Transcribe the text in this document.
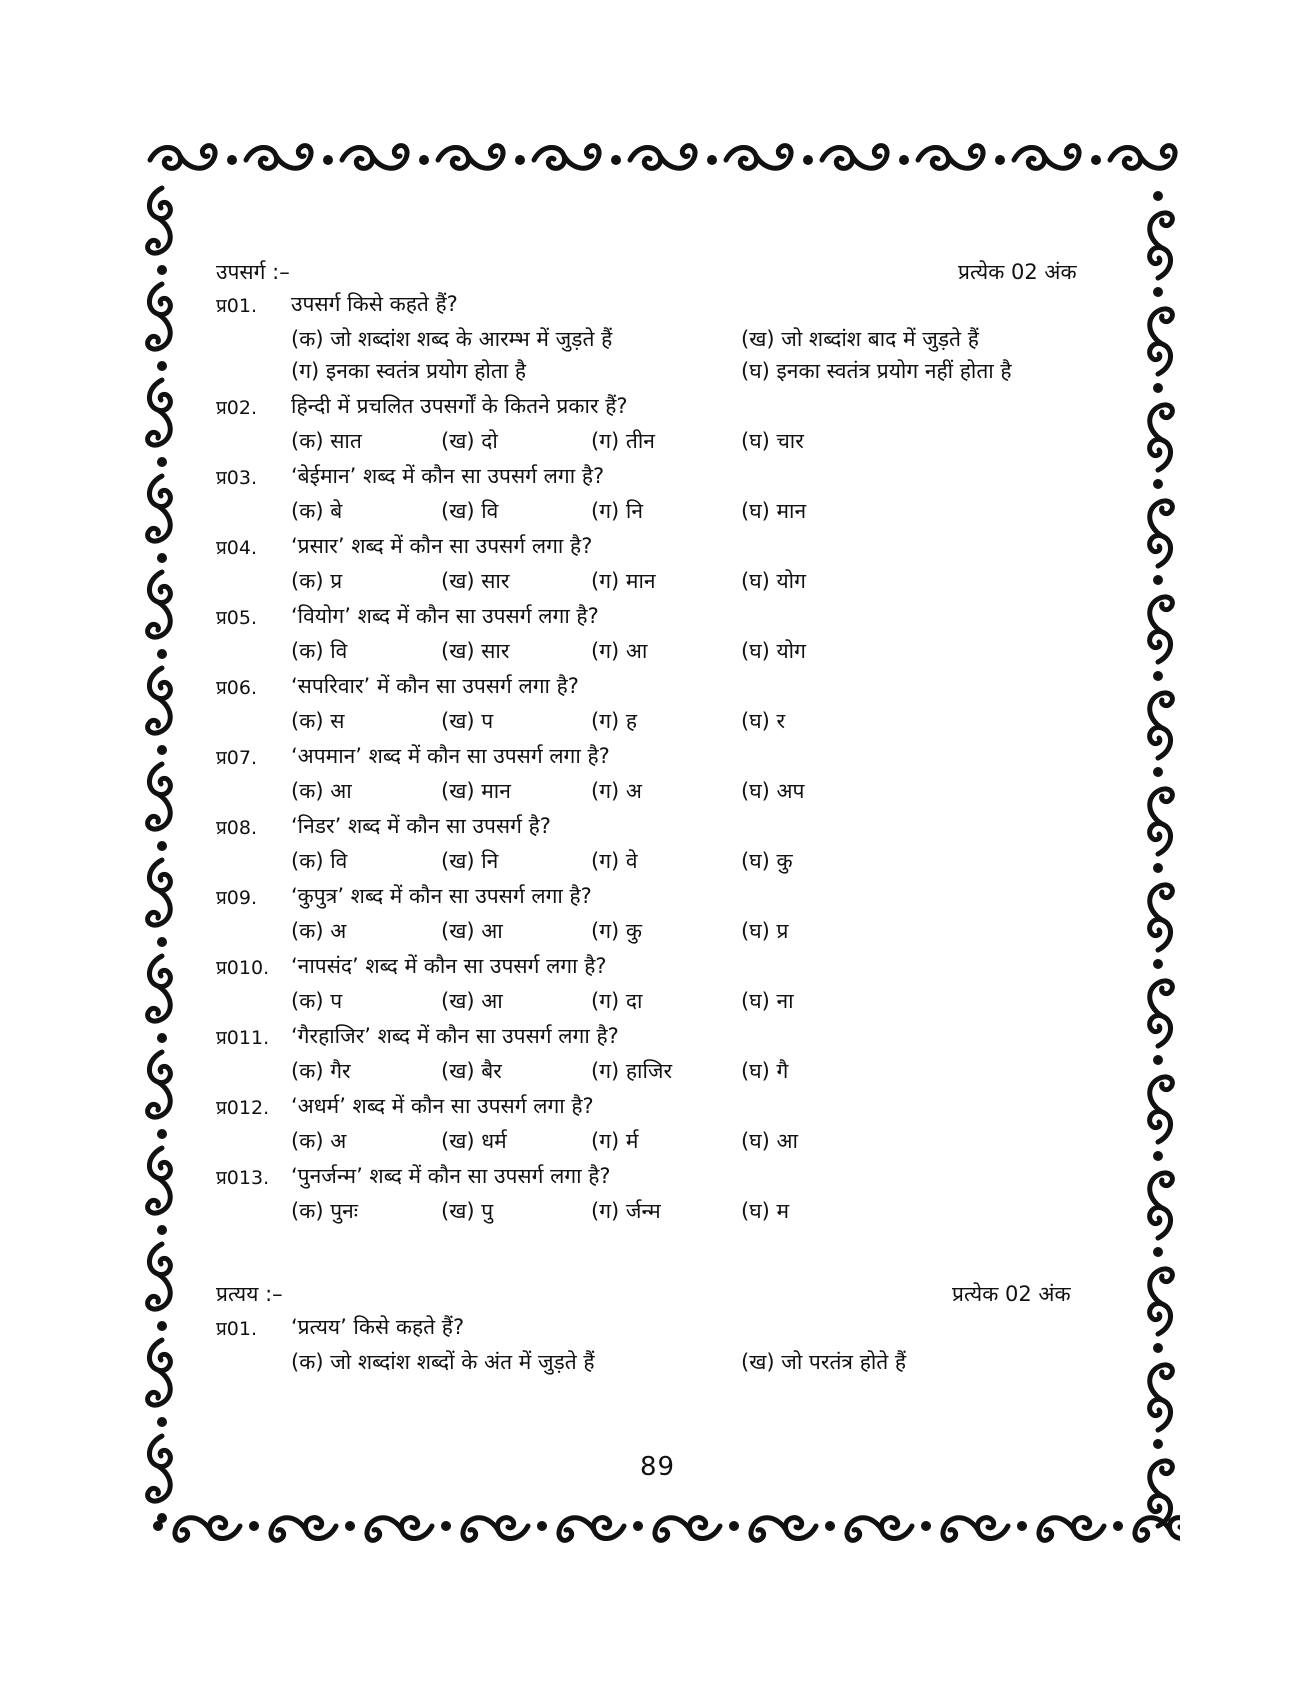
उपसर्ग :–	प्रत्येक 02 अंक
प्र01. उपसर्ग किसे कहते हैं?
(क) जो शब्दांश शब्द के आरम्भ में जुड़ते हैं	(ख) जो शब्दांश बाद में जुड़ते हैं
(ग) इनका स्वतंत्र प्रयोग होता है	(घ) इनका स्वतंत्र प्रयोग नहीं होता है
प्र02. हिन्दी में प्रचलित उपसर्गों के कितने प्रकार हैं?
(क) सात	(ख) दो	(ग) तीन	(घ) चार
प्र03. ‘बेईमान’ शब्द में कौन सा उपसर्ग लगा है?
(क) बे	(ख) वि	(ग) नि	(घ) मान
प्र04. ‘प्रसार’ शब्द में कौन सा उपसर्ग लगा है?
(क) प्र	(ख) सार	(ग) मान	(घ) योग
प्र05. ‘वियोग’ शब्द में कौन सा उपसर्ग लगा है?
(क) वि	(ख) सार	(ग) आ	(घ) योग
प्र06. ‘सपरिवार’ में कौन सा उपसर्ग लगा है?
(क) स	(ख) प	(ग) ह	(घ) र
प्र07. ‘अपमान’ शब्द में कौन सा उपसर्ग लगा है?
(क) आ	(ख) मान	(ग) अ	(घ) अप
प्र08. ‘निडर’ शब्द में कौन सा उपसर्ग है?
(क) वि	(ख) नि	(ग) वे	(घ) कु
प्र09. ‘कुपुत्र’ शब्द में कौन सा उपसर्ग लगा है?
(क) अ	(ख) आ	(ग) कु	(घ) प्र
प्र010. ‘नापसंद’ शब्द में कौन सा उपसर्ग लगा है?
(क) प	(ख) आ	(ग) दा	(घ) ना
प्र011. ‘गैरहाजिर’ शब्द में कौन सा उपसर्ग लगा है?
(क) गैर	(ख) बैर	(ग) हाजिर	(घ) गै
प्र012. ‘अधर्म’ शब्द में कौन सा उपसर्ग लगा है?
(क) अ	(ख) धर्म	(ग) र्म	(घ) आ
प्र013. ‘पुनर्जन्म’ शब्द में कौन सा उपसर्ग लगा है?
(क) पुनः	(ख) पु	(ग) र्जन्म	(घ) म
प्रत्यय :–	प्रत्येक 02 अंक
प्र01. ‘प्रत्यय’ किसे कहते हैं?
(क) जो शब्दांश शब्दों के अंत में जुड़ते हैं	(ख) जो परतंत्र होते हैं
89
